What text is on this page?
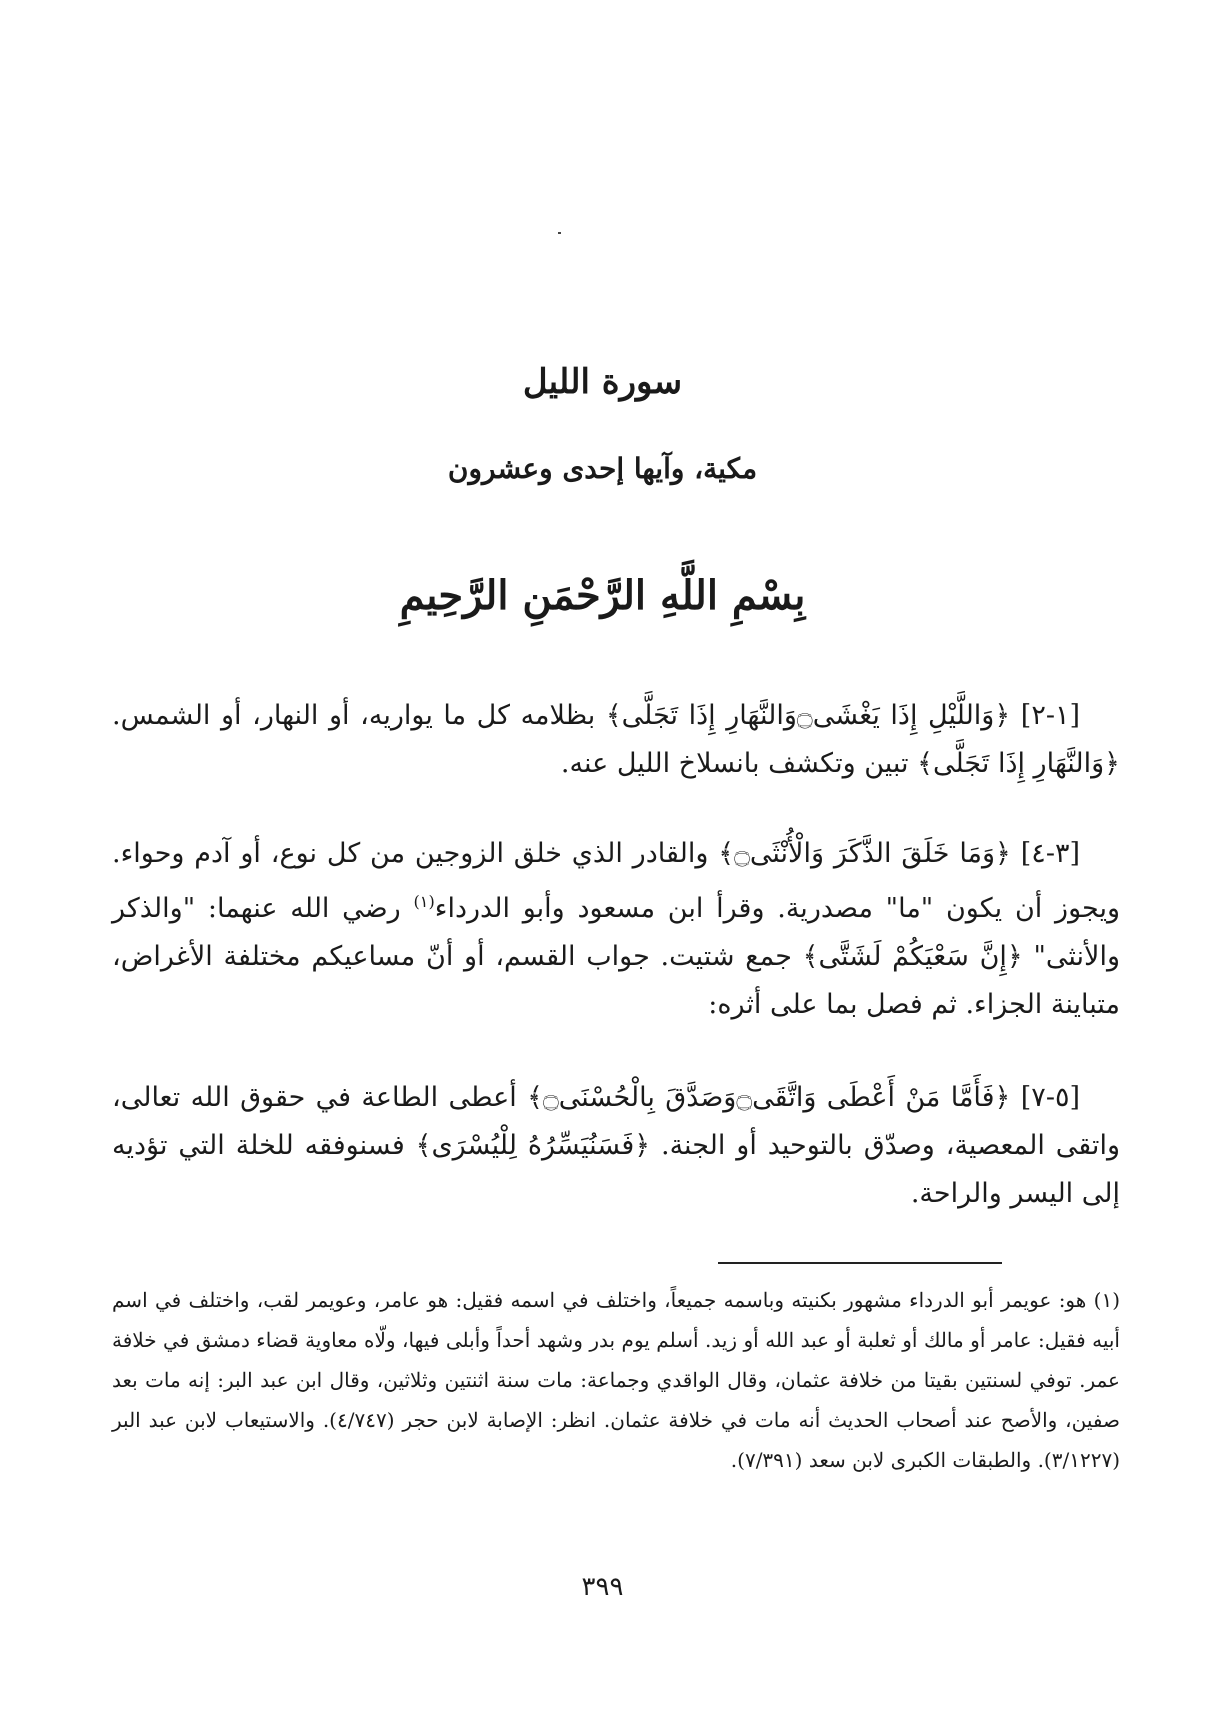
سورة الليل
مكية، وآيها إحدى وعشرون
بِسْمِ اللَّهِ الرَّحْمَنِ الرَّحِيمِ

[١-٢] ﴿وَاللَّيْلِ إِذَا يَغْشَى۝وَالنَّهَارِ إِذَا تَجَلَّى﴾ بظلامه كل ما يواريه، أو النهار، أو الشمس. ﴿وَالنَّهَارِ إِذَا تَجَلَّى﴾ تبين وتكشف بانسلاخ الليل عنه.

[٣-٤] ﴿وَمَا خَلَقَ الذَّكَرَ وَالْأُنْثَى۝﴾ والقادر الذي خلق الزوجين من كل نوع، أو آدم وحواء. ويجوز أن يكون "ما" مصدرية. وقرأ ابن مسعود وأبو الدرداء$^{(١)}$ رضي الله عنهما: "والذكر والأنثى" ﴿إِنَّ سَعْيَكُمْ لَشَتَّى﴾ جمع شتيت. جواب القسم، أو أنّ مساعيكم مختلفة الأغراض، متباينة الجزاء. ثم فصل بما على أثره:

[٥-٧] ﴿فَأَمَّا مَنْ أَعْطَى وَاتَّقَى۝وَصَدَّقَ بِالْحُسْنَى۝﴾ أعطى الطاعة في حقوق الله تعالى، واتقى المعصية، وصدّق بالتوحيد أو الجنة. ﴿فَسَنُيَسِّرُهُ لِلْيُسْرَى﴾ فسنوفقه للخلة التي تؤديه إلى اليسر والراحة.

(١) هو: عويمر أبو الدرداء مشهور بكنيته وباسمه جميعاً، واختلف في اسمه فقيل: هو عامر، وعويمر لقب، واختلف في اسم أبيه فقيل: عامر أو مالك أو ثعلبة أو عبد الله أو زيد. أسلم يوم بدر وشهد أحداً وأبلى فيها، ولّاه معاوية قضاء دمشق في خلافة عمر. توفي لسنتين بقيتا من خلافة عثمان، وقال الواقدي وجماعة: مات سنة اثنتين وثلاثين، وقال ابن عبد البر: إنه مات بعد صفين، والأصح عند أصحاب الحديث أنه مات في خلافة عثمان. انظر: الإصابة لابن حجر (٤/٧٤٧). والاستيعاب لابن عبد البر (٣/١٢٢٧). والطبقات الكبرى لابن سعد (٧/٣٩١).

٣٩٩
